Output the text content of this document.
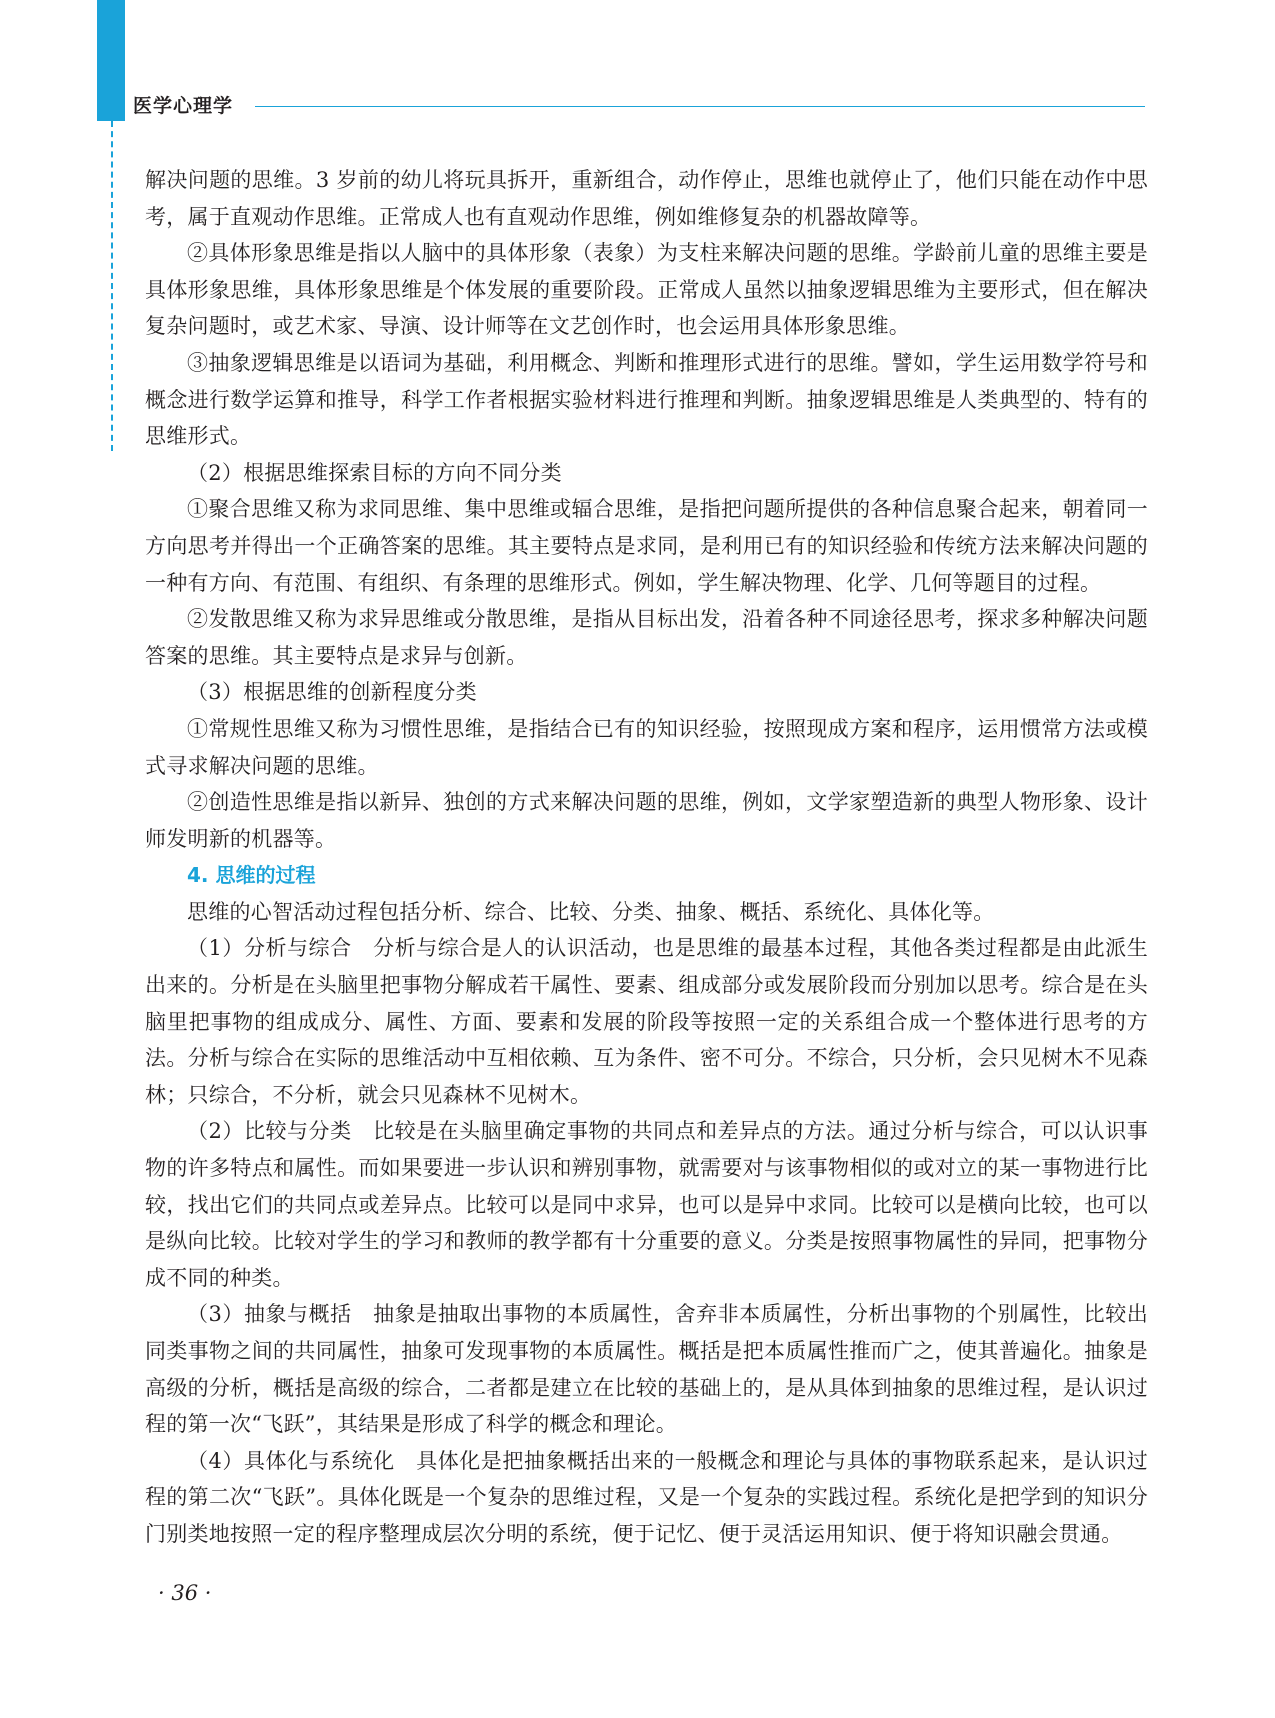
医学心理学

解决问题的思维。3 岁前的幼儿将玩具拆开，重新组合，动作停止，思维也就停止了，他们只能在动作中思考，属于直观动作思维。正常成人也有直观动作思维，例如维修复杂的机器故障等。

②具体形象思维是指以人脑中的具体形象（表象）为支柱来解决问题的思维。学龄前儿童的思维主要是具体形象思维，具体形象思维是个体发展的重要阶段。正常成人虽然以抽象逻辑思维为主要形式，但在解决复杂问题时，或艺术家、导演、设计师等在文艺创作时，也会运用具体形象思维。

③抽象逻辑思维是以语词为基础，利用概念、判断和推理形式进行的思维。譬如，学生运用数学符号和概念进行数学运算和推导，科学工作者根据实验材料进行推理和判断。抽象逻辑思维是人类典型的、特有的思维形式。

（2）根据思维探索目标的方向不同分类

①聚合思维又称为求同思维、集中思维或辐合思维，是指把问题所提供的各种信息聚合起来，朝着同一方向思考并得出一个正确答案的思维。其主要特点是求同，是利用已有的知识经验和传统方法来解决问题的一种有方向、有范围、有组织、有条理的思维形式。例如，学生解决物理、化学、几何等题目的过程。

②发散思维又称为求异思维或分散思维，是指从目标出发，沿着各种不同途径思考，探求多种解决问题答案的思维。其主要特点是求异与创新。

（3）根据思维的创新程度分类

①常规性思维又称为习惯性思维，是指结合已有的知识经验，按照现成方案和程序，运用惯常方法或模式寻求解决问题的思维。

②创造性思维是指以新异、独创的方式来解决问题的思维，例如，文学家塑造新的典型人物形象、设计师发明新的机器等。

4. 思维的过程

思维的心智活动过程包括分析、综合、比较、分类、抽象、概括、系统化、具体化等。

（1）分析与综合　分析与综合是人的认识活动，也是思维的最基本过程，其他各类过程都是由此派生出来的。分析是在头脑里把事物分解成若干属性、要素、组成部分或发展阶段而分别加以思考。综合是在头脑里把事物的组成成分、属性、方面、要素和发展的阶段等按照一定的关系组合成一个整体进行思考的方法。分析与综合在实际的思维活动中互相依赖、互为条件、密不可分。不综合，只分析，会只见树木不见森林；只综合，不分析，就会只见森林不见树木。

（2）比较与分类　比较是在头脑里确定事物的共同点和差异点的方法。通过分析与综合，可以认识事物的许多特点和属性。而如果要进一步认识和辨别事物，就需要对与该事物相似的或对立的某一事物进行比较，找出它们的共同点或差异点。比较可以是同中求异，也可以是异中求同。比较可以是横向比较，也可以是纵向比较。比较对学生的学习和教师的教学都有十分重要的意义。分类是按照事物属性的异同，把事物分成不同的种类。

（3）抽象与概括　抽象是抽取出事物的本质属性，舍弃非本质属性，分析出事物的个别属性，比较出同类事物之间的共同属性，抽象可发现事物的本质属性。概括是把本质属性推而广之，使其普遍化。抽象是高级的分析，概括是高级的综合，二者都是建立在比较的基础上的，是从具体到抽象的思维过程，是认识过程的第一次“飞跃”，其结果是形成了科学的概念和理论。

（4）具体化与系统化　具体化是把抽象概括出来的一般概念和理论与具体的事物联系起来，是认识过程的第二次“飞跃”。具体化既是一个复杂的思维过程，又是一个复杂的实践过程。系统化是把学到的知识分门别类地按照一定的程序整理成层次分明的系统，便于记忆、便于灵活运用知识、便于将知识融会贯通。

· 36 ·
